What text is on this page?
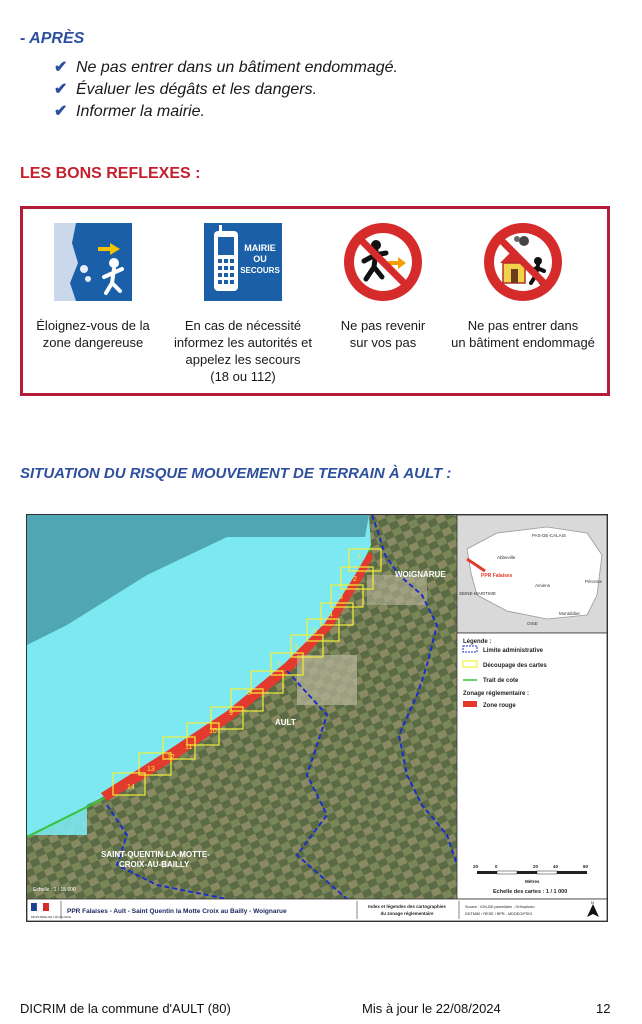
- APRÈS
✔ Ne pas entrer dans un bâtiment endommagé.
✔ Évaluer les dégâts et les dangers.
✔ Informer la mairie.
LES BONS REFLEXES :
Éloignez-vous de la
zone dangereuse
MAIRIE
OU
SECOURS
En cas de nécessité
informez les autorités et
appelez les secours
(18 ou 112)
Ne pas revenir
sur vos pas
Ne pas entrer dans
un bâtiment endommagé
SITUATION DU RISQUE MOUVEMENT DE TERRAIN À AULT :
1
2
3
4
5
6
7
8
9
10
11
12
13
14
WOIGNARUE
AULT
SAINT-QUENTIN-LA-MOTTE-
CROIX-AU-BAILLY
Echelle : 1 / 15 000
PAS-DE-CALAIS
Abbeville
PPR Falaises
Amiens
Péronne
SEINE-MARITIME
Montdidier
OISE
Légende :
Limite administrative
Découpage des cartes
Trait de cote
Zonage réglementaire :
Zone rouge
20	0	20	40	60
Mètres
Echelle des cartes : 1 / 1 000
MINISTÈRE DE L'ÉCOLOGIE
PPR Falaises - Ault - Saint Quentin la Motte Croix au Bailly - Woignarue
Index et légendes des cartographies
du zonage réglementaire
Source : IGN-BD parcellaire - Orthophoto
DDTM80 / RESE / BPR - MDDEG/PSIG
N
DICRIM de la commune d'AULT (80)	Mis à jour le 22/08/2024	12
